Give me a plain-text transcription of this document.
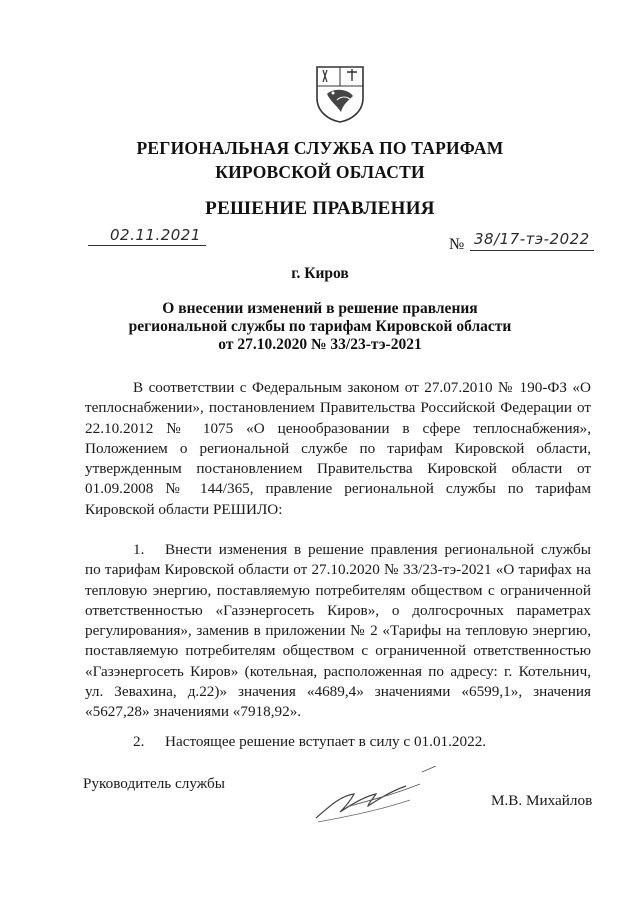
РЕГИОНАЛЬНАЯ СЛУЖБА ПО ТАРИФАМ
КИРОВСКОЙ ОБЛАСТИ
РЕШЕНИЕ ПРАВЛЕНИЯ
02.11.2021
№ 38/17-тэ-2022
г. Киров
О внесении изменений в решение правления
региональной службы по тарифам Кировской области
от 27.10.2020 № 33/23-тэ-2021

В соответствии с Федеральным законом от 27.07.2010 № 190-ФЗ «О теплоснабжении», постановлением Правительства Российской Федерации от 22.10.2012 № 1075 «О ценообразовании в сфере теплоснабжения», Положением о региональной службе по тарифам Кировской области, утвержденным постановлением Правительства Кировской области от 01.09.2008 № 144/365, правление региональной службы по тарифам Кировской области РЕШИЛО:

1. Внести изменения в решение правления региональной службы по тарифам Кировской области от 27.10.2020 № 33/23-тэ-2021 «О тарифах на тепловую энергию, поставляемую потребителям обществом с ограниченной ответственностью «Газэнергосеть Киров», о долгосрочных параметрах регулирования», заменив в приложении № 2 «Тарифы на тепловую энергию, поставляемую потребителям обществом с ограниченной ответственностью «Газэнергосеть Киров» (котельная, расположенная по адресу: г. Котельнич, ул. Зевахина, д.22)» значения «4689,4» значениями «6599,1», значения «5627,28» значениями «7918,92».

2. Настоящее решение вступает в силу с 01.01.2022.

Руководитель службы
М.В. Михайлов
